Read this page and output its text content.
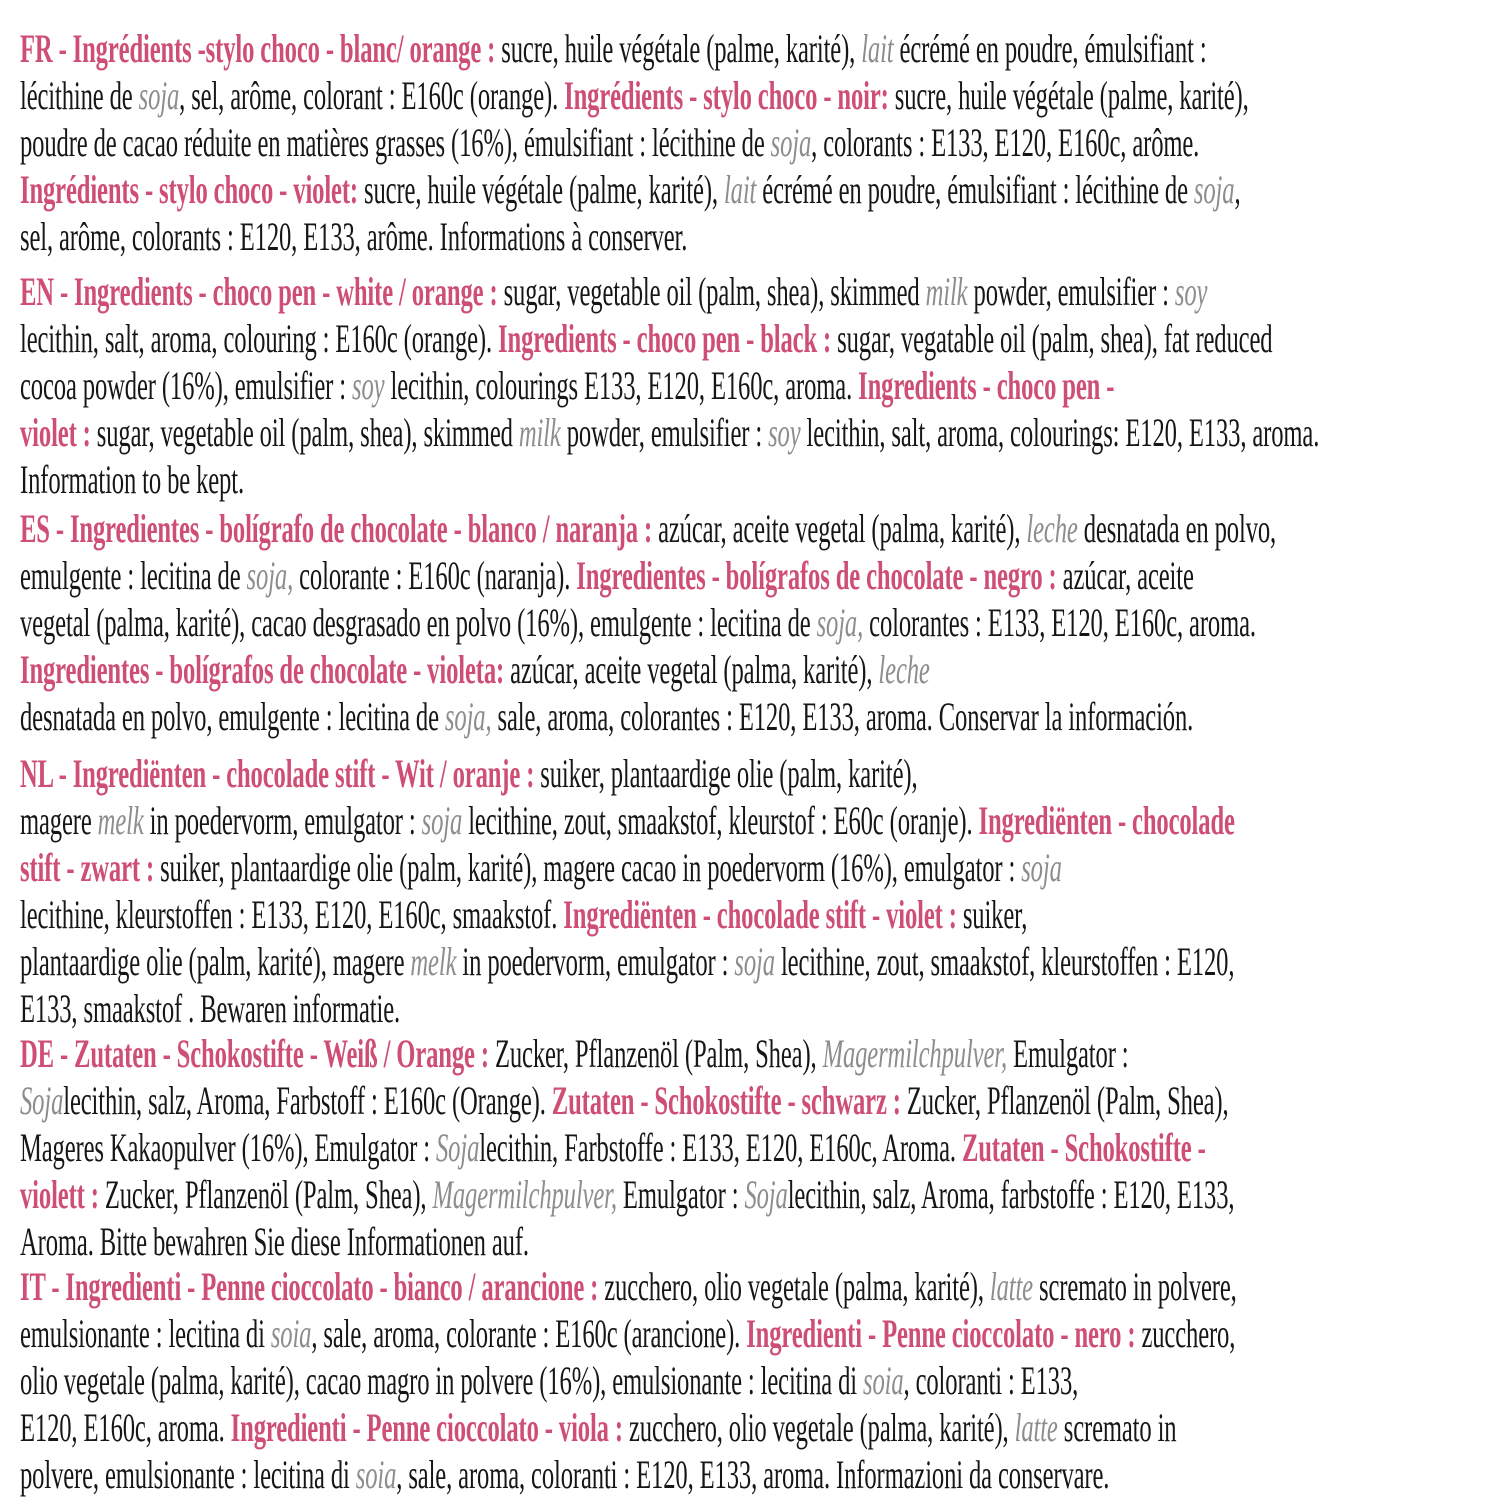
FR - Ingrédients -stylo choco - blanc/ orange : sucre, huile végétale (palme, karité), lait écrémé en poudre, émulsifiant :
lécithine de soja, sel, arôme, colorant : E160c (orange). Ingrédients - stylo choco - noir: sucre, huile végétale (palme, karité),
poudre de cacao réduite en matières grasses (16%), émulsifiant : lécithine de soja, colorants : E133, E120, E160c, arôme.
Ingrédients - stylo choco - violet: sucre, huile végétale (palme, karité), lait écrémé en poudre, émulsifiant : lécithine de soja,
sel, arôme, colorants : E120, E133, arôme. Informations à conserver.
EN - Ingredients - choco pen - white / orange : sugar, vegetable oil (palm, shea), skimmed milk powder, emulsifier : soy
lecithin, salt, aroma, colouring : E160c (orange). Ingredients - choco pen - black : sugar, vegatable oil (palm, shea), fat reduced
cocoa powder (16%), emulsifier : soy lecithin, colourings E133, E120, E160c, aroma. Ingredients - choco pen -
violet : sugar, vegetable oil (palm, shea), skimmed milk powder, emulsifier : soy lecithin, salt, aroma, colourings: E120, E133, aroma.
Information to be kept.
ES - Ingredientes - bolígrafo de chocolate - blanco / naranja : azúcar, aceite vegetal (palma, karité), leche desnatada en polvo,
emulgente : lecitina de soja, colorante : E160c (naranja). Ingredientes - bolígrafos de chocolate - negro : azúcar, aceite
vegetal (palma, karité), cacao desgrasado en polvo (16%), emulgente : lecitina de soja, colorantes : E133, E120, E160c, aroma.
Ingredientes - bolígrafos de chocolate - violeta: azúcar, aceite vegetal (palma, karité), leche
desnatada en polvo, emulgente : lecitina de soja, sale, aroma, colorantes : E120, E133, aroma. Conservar la información.
NL - Ingrediënten - chocolade stift - Wit / oranje : suiker, plantaardige olie (palm, karité),
magere melk in poedervorm, emulgator : soja lecithine, zout, smaakstof, kleurstof : E60c (oranje). Ingrediënten - chocolade
stift - zwart : suiker, plantaardige olie (palm, karité), magere cacao in poedervorm (16%), emulgator : soja
lecithine, kleurstoffen : E133, E120, E160c, smaakstof. Ingrediënten - chocolade stift - violet : suiker,
plantaardige olie (palm, karité), magere melk in poedervorm, emulgator : soja lecithine, zout, smaakstof, kleurstoffen : E120,
E133, smaakstof . Bewaren informatie.
DE - Zutaten - Schokostifte - Weiß / Orange : Zucker, Pflanzenöl (Palm, Shea), Magermilchpulver, Emulgator :
Sojalecithin, salz, Aroma, Farbstoff : E160c (Orange). Zutaten - Schokostifte - schwarz : Zucker, Pflanzenöl (Palm, Shea),
Mageres Kakaopulver (16%), Emulgator : Sojalecithin, Farbstoffe : E133, E120, E160c, Aroma. Zutaten - Schokostifte -
violett : Zucker, Pflanzenöl (Palm, Shea), Magermilchpulver, Emulgator : Sojalecithin, salz, Aroma, farbstoffe : E120, E133,
Aroma. Bitte bewahren Sie diese Informationen auf.
IT - Ingredienti - Penne cioccolato - bianco / arancione : zucchero, olio vegetale (palma, karité), latte scremato in polvere,
emulsionante : lecitina di soia, sale, aroma, colorante : E160c (arancione). Ingredienti - Penne cioccolato - nero : zucchero,
olio vegetale (palma, karité), cacao magro in polvere (16%), emulsionante : lecitina di soia, coloranti : E133,
E120, E160c, aroma. Ingredienti - Penne cioccolato - viola : zucchero, olio vegetale (palma, karité), latte scremato in
polvere, emulsionante : lecitina di soia, sale, aroma, coloranti : E120, E133, aroma. Informazioni da conservare.
